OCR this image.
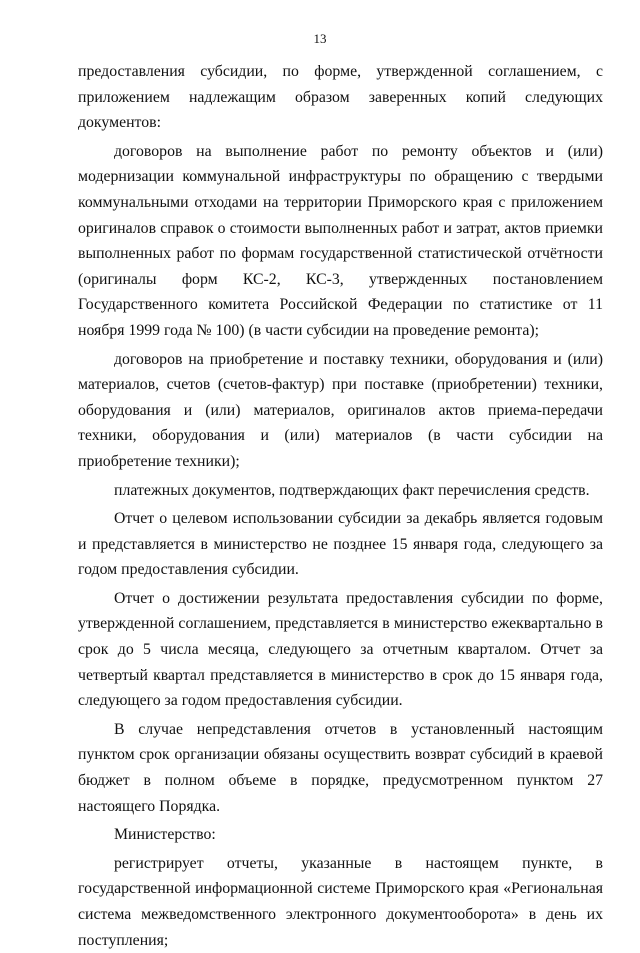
13

предоставления субсидии, по форме, утвержденной соглашением, с приложением надлежащим образом заверенных копий следующих документов:

договоров на выполнение работ по ремонту объектов и (или) модернизации коммунальной инфраструктуры по обращению с твердыми коммунальными отходами на территории Приморского края с приложением оригиналов справок о стоимости выполненных работ и затрат, актов приемки выполненных работ по формам государственной статистической отчётности (оригиналы форм КС-2, КС-3, утвержденных постановлением Государственного комитета Российской Федерации по статистике от 11 ноября 1999 года № 100) (в части субсидии на проведение ремонта);

договоров на приобретение и поставку техники, оборудования и (или) материалов, счетов (счетов-фактур) при поставке (приобретении) техники, оборудования и (или) материалов, оригиналов актов приема-передачи техники, оборудования и (или) материалов (в части субсидии на приобретение техники);

платежных документов, подтверждающих факт перечисления средств.

Отчет о целевом использовании субсидии за декабрь является годовым и представляется в министерство не позднее 15 января года, следующего за годом предоставления субсидии.

Отчет о достижении результата предоставления субсидии по форме, утвержденной соглашением, представляется в министерство ежеквартально в срок до 5 числа месяца, следующего за отчетным кварталом. Отчет за четвертый квартал представляется в министерство в срок до 15 января года, следующего за годом предоставления субсидии.

В случае непредставления отчетов в установленный настоящим пунктом срок организации обязаны осуществить возврат субсидий в краевой бюджет в полном объеме в порядке, предусмотренном пунктом 27 настоящего Порядка.

Министерство:

регистрирует отчеты, указанные в настоящем пункте, в государственной информационной системе Приморского края «Региональная система межведомственного электронного документооборота» в день их поступления;
